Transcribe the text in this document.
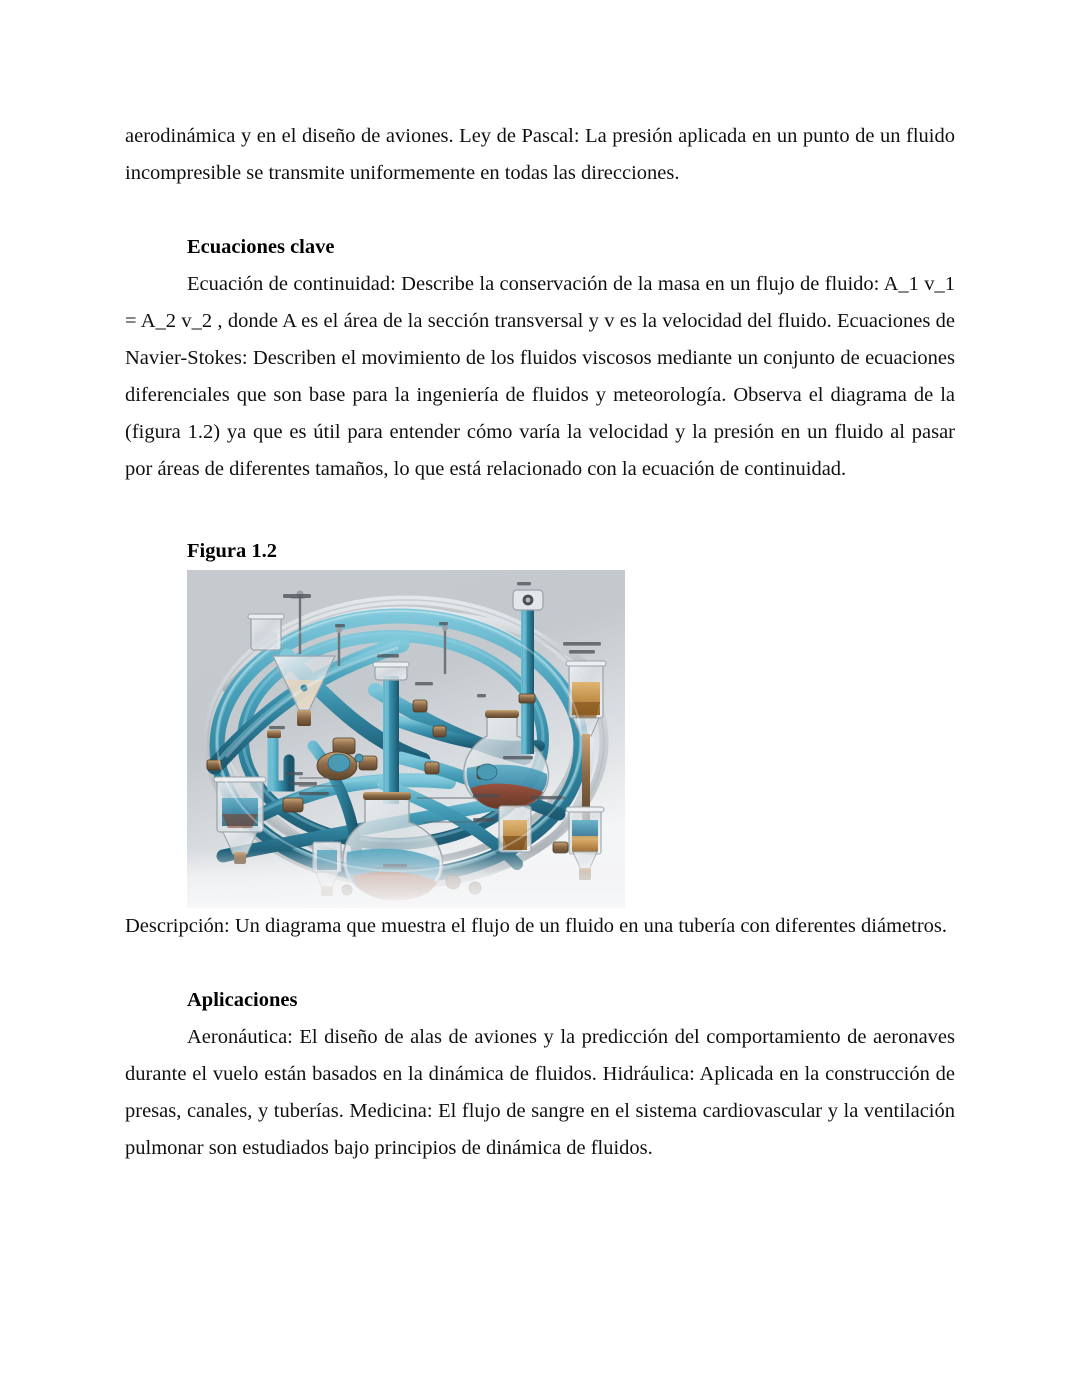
aerodinámica y en el diseño de aviones. Ley de Pascal: La presión aplicada en un punto de un fluido incompresible se transmite uniformemente en todas las direcciones.

Ecuaciones clave

Ecuación de continuidad: Describe la conservación de la masa en un flujo de fluido: A_1 v_1 = A_2 v_2 , donde A es el área de la sección transversal y v es la velocidad del fluido. Ecuaciones de Navier-Stokes: Describen el movimiento de los fluidos viscosos mediante un conjunto de ecuaciones diferenciales que son base para la ingeniería de fluidos y meteorología. Observa el diagrama de la (figura 1.2) ya que es útil para entender cómo varía la velocidad y la presión en un fluido al pasar por áreas de diferentes tamaños, lo que está relacionado con la ecuación de continuidad.

Figura 1.2
Descripción: Un diagrama que muestra el flujo de un fluido en una tubería con diferentes diámetros.
Aplicaciones

Aeronáutica: El diseño de alas de aviones y la predicción del comportamiento de aeronaves durante el vuelo están basados en la dinámica de fluidos. Hidráulica: Aplicada en la construcción de presas, canales, y tuberías. Medicina: El flujo de sangre en el sistema cardiovascular y la ventilación pulmonar son estudiados bajo principios de dinámica de fluidos.
